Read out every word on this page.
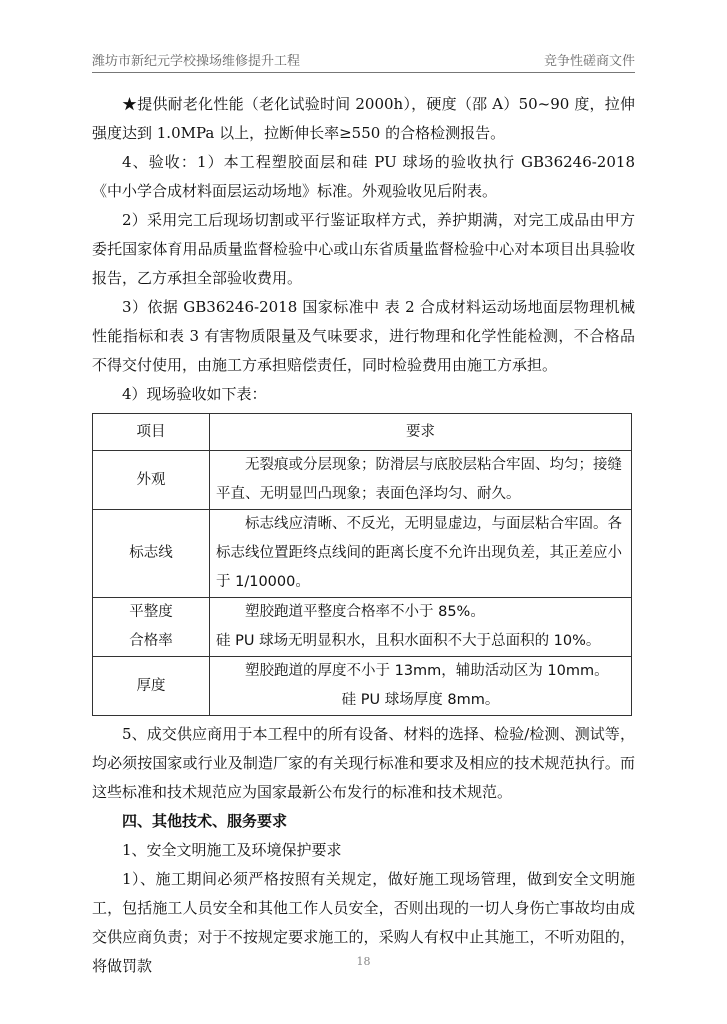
潍坊市新纪元学校操场维修提升工程	竞争性磋商文件

★提供耐老化性能（老化试验时间 2000h），硬度（邵 A）50~90 度，拉伸强度达到 1.0MPa 以上，拉断伸长率≥550 的合格检测报告。

4、验收：1）本工程塑胶面层和硅 PU 球场的验收执行 GB36246-2018《中小学合成材料面层运动场地》标准。外观验收见后附表。

2）采用完工后现场切割或平行鉴证取样方式，养护期满，对完工成品由甲方委托国家体育用品质量监督检验中心或山东省质量监督检验中心对本项目出具验收报告，乙方承担全部验收费用。

3）依据 GB36246-2018 国家标准中 表 2 合成材料运动场地面层物理机械性能指标和表 3 有害物质限量及气味要求，进行物理和化学性能检测，不合格品不得交付使用，由施工方承担赔偿责任，同时检验费用由施工方承担。

4）现场验收如下表：

项目	要求
外观	无裂痕或分层现象；防滑层与底胶层粘合牢固、均匀；接缝平直、无明显凹凸现象；表面色泽均匀、耐久。

标志线	标志线应清晰、不反光，无明显虚边，与面层粘合牢固。各标志线位置距终点线间的距离长度不允许出现负差，其正差应小于 1/10000。

平整度
合格率	塑胶跑道平整度合格率不小于 85%。
硅 PU 球场无明显积水，且积水面积不大于总面积的 10%。

厚度	塑胶跑道的厚度不小于 13mm，辅助活动区为 10mm。
硅 PU 球场厚度 8mm。

5、成交供应商用于本工程中的所有设备、材料的选择、检验/检测、测试等，均必须按国家或行业及制造厂家的有关现行标准和要求及相应的技术规范执行。而这些标准和技术规范应为国家最新公布发行的标准和技术规范。

四、其他技术、服务要求

1、安全文明施工及环境保护要求

1）、施工期间必须严格按照有关规定，做好施工现场管理，做到安全文明施工，包括施工人员安全和其他工作人员安全，否则出现的一切人身伤亡事故均由成交供应商负责；对于不按规定要求施工的，采购人有权中止其施工，不听劝阻的，将做罚款	18
